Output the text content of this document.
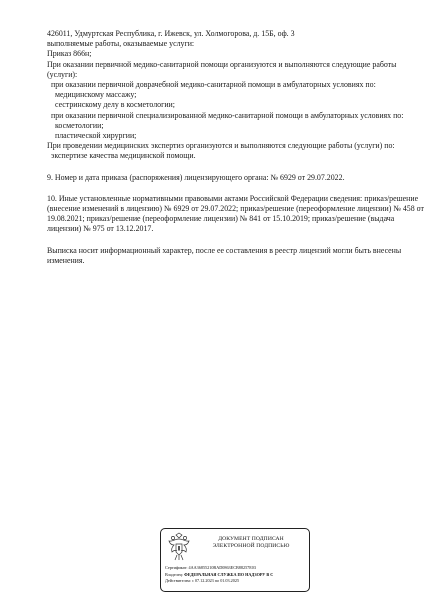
426011, Удмуртская Республика, г. Ижевск, ул. Холмогорова, д. 15Б, оф. 3
выполняемые работы, оказываемые услуги:
Приказ 866н;
При оказании первичной медико-санитарной помощи организуются и выполняются следующие работы (услуги):
при оказании первичной доврачебной медико-санитарной помощи в амбулаторных условиях по:
медицинскому массажу;
сестринскому делу в косметологии;
при оказании первичной специализированной медико-санитарной помощи в амбулаторных условиях по:
косметологии;
пластической хирургии;
При проведении медицинских экспертиз организуются и выполняются следующие работы (услуги) по:
экспертизе качества медицинской помощи.
9. Номер и дата приказа (распоряжения) лицензирующего органа: № 6929 от 29.07.2022.
10. Иные установленные нормативными правовыми актами Российской Федерации сведения: приказ/решение (внесение изменений в лицензию) № 6929 от 29.07.2022; приказ/решение (переоформление лицензии) № 458 от 19.08.2021; приказ/решение (переоформление лицензии) № 841 от 15.10.2019; приказ/решение (выдача лицензии) № 975 от 13.12.2017.
Выписка носит информационный характер, после ее составления в реестр лицензий могли быть внесены изменения.
ДОКУМЕНТ ПОДПИСАН
ЭЛЕКТРОННОЙ ПОДПИСЬЮ
Сертификат: 4AA36855210BAD0863ECB88257E03
Владелец: ФЕДЕРАЛЬНАЯ СЛУЖБА ПО НАДЗОРУ В С
Действителен: с 07.12.2023 по 01.03.2025
